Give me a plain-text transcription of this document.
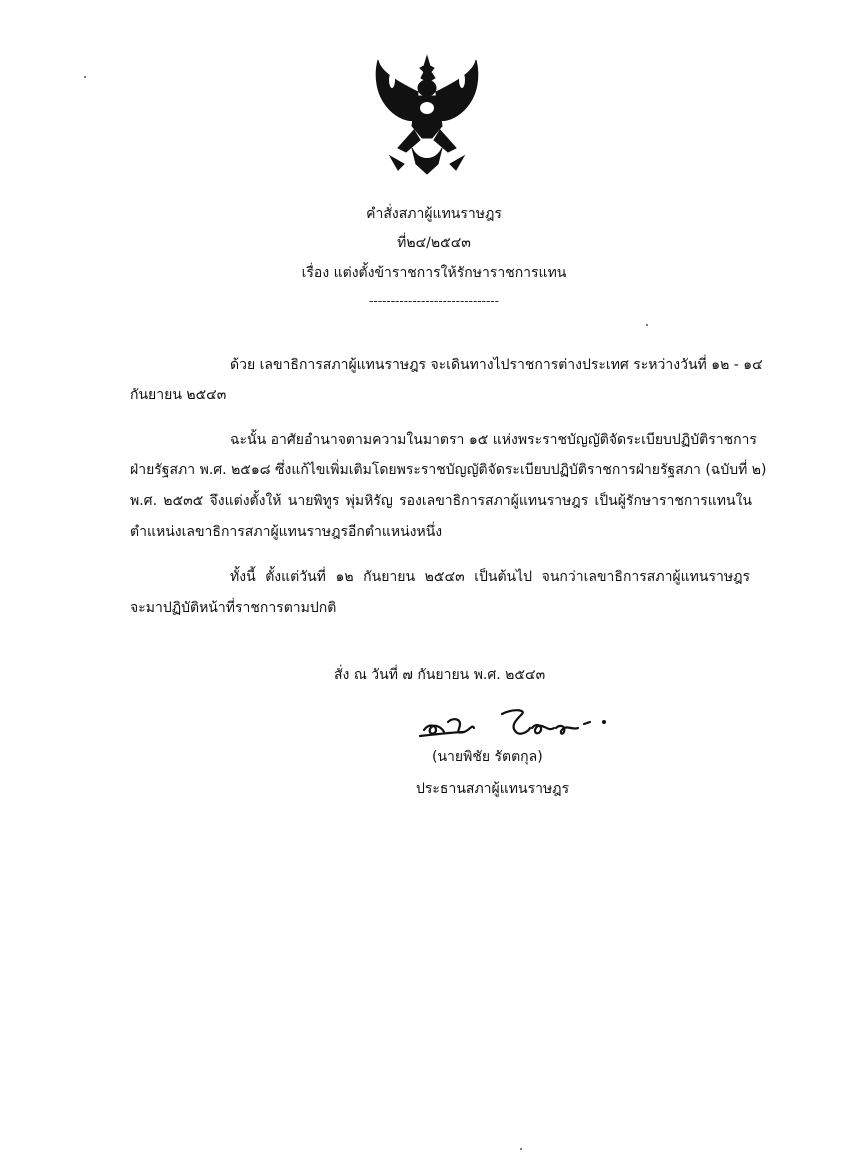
คำสั่งสภาผู้แทนราษฎร
ที่๒๔/๒๕๔๓
เรื่อง แต่งตั้งข้าราชการให้รักษาราชการแทน
------------------------------
ด้วย เลขาธิการสภาผู้แทนราษฎร จะเดินทางไปราชการต่างประเทศ ระหว่างวันที่ ๑๒ - ๑๔
กันยายน ๒๕๔๓
ฉะนั้น อาศัยอำนาจตามความในมาตรา ๑๕ แห่งพระราชบัญญัติจัดระเบียบปฏิบัติราชการ
ฝ่ายรัฐสภา พ.ศ. ๒๕๑๘ ซึ่งแก้ไขเพิ่มเติมโดยพระราชบัญญัติจัดระเบียบปฏิบัติราชการฝ่ายรัฐสภา (ฉบับที่ ๒)
พ.ศ. ๒๕๓๕ จึงแต่งตั้งให้ นายพิทูร พุ่มหิรัญ รองเลขาธิการสภาผู้แทนราษฎร เป็นผู้รักษาราชการแทนใน
ตำแหน่งเลขาธิการสภาผู้แทนราษฎรอีกตำแหน่งหนึ่ง
ทั้งนี้ ตั้งแต่วันที่ ๑๒ กันยายน ๒๕๔๓ เป็นต้นไป จนกว่าเลขาธิการสภาผู้แทนราษฎร
จะมาปฏิบัติหน้าที่ราชการตามปกติ
สั่ง ณ วันที่ ๗ กันยายน พ.ศ. ๒๕๔๓
(นายพิชัย รัตตกุล)
ประธานสภาผู้แทนราษฎร
